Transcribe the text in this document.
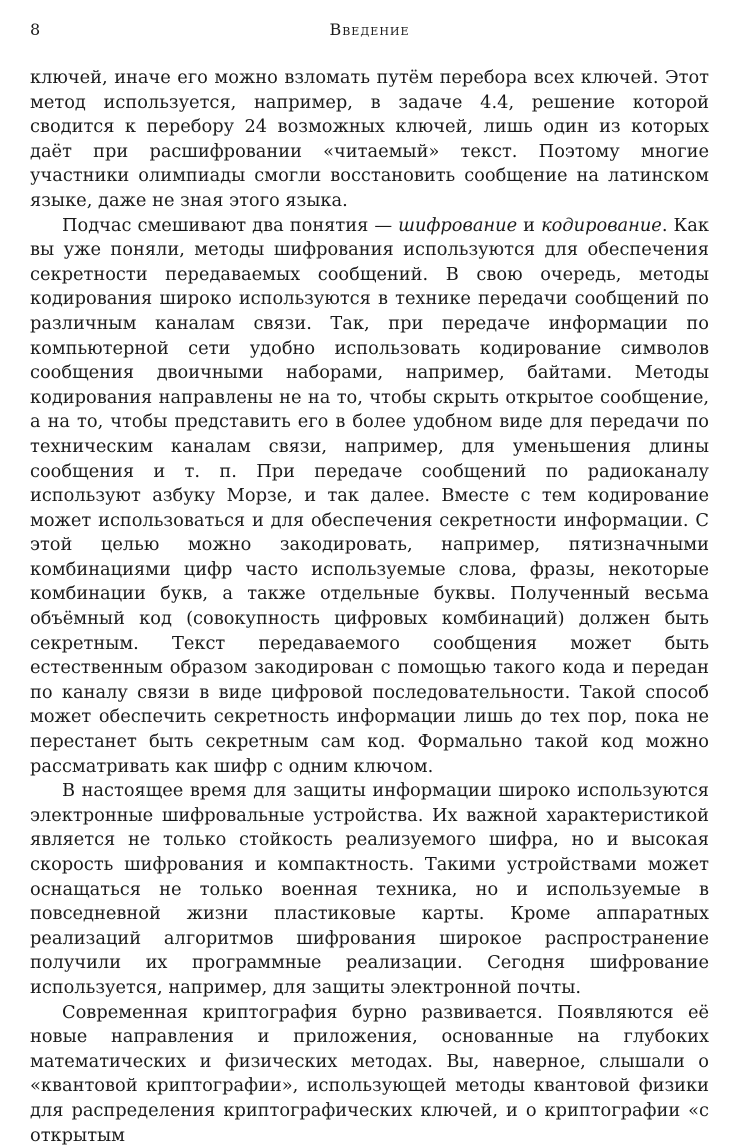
8	Введение

ключей, иначе его можно взломать путём перебора всех ключей. Этот метод используется, например, в задаче 4.4, решение которой сводится к перебору 24 возможных ключей, лишь один из которых даёт при расшифровании «читаемый» текст. Поэтому многие участники олимпиады смогли восстановить сообщение на латинском языке, даже не зная этого языка.

Подчас смешивают два понятия — шифрование и кодирование. Как вы уже поняли, методы шифрования используются для обеспечения секретности передаваемых сообщений. В свою очередь, методы кодирования широко используются в технике передачи сообщений по различным каналам связи. Так, при передаче информации по компьютерной сети удобно использовать кодирование символов сообщения двоичными наборами, например, байтами. Методы кодирования направлены не на то, чтобы скрыть открытое сообщение, а на то, чтобы представить его в более удобном виде для передачи по техническим каналам связи, например, для уменьшения длины сообщения и т. п. При передаче сообщений по радиоканалу используют азбуку Морзе, и так далее. Вместе с тем кодирование может использоваться и для обеспечения секретности информации. С этой целью можно закодировать, например, пятизначными комбинациями цифр часто используемые слова, фразы, некоторые комбинации букв, а также отдельные буквы. Полученный весьма объёмный код (совокупность цифровых комбинаций) должен быть секретным. Текст передаваемого сообщения может быть естественным образом закодирован с помощью такого кода и передан по каналу связи в виде цифровой последовательности. Такой способ может обеспечить секретность информации лишь до тех пор, пока не перестанет быть секретным сам код. Формально такой код можно рассматривать как шифр с одним ключом.

В настоящее время для защиты информации широко используются электронные шифровальные устройства. Их важной характеристикой является не только стойкость реализуемого шифра, но и высокая скорость шифрования и компактность. Такими устройствами может оснащаться не только военная техника, но и используемые в повседневной жизни пластиковые карты. Кроме аппаратных реализаций алгоритмов шифрования широкое распространение получили их программные реализации. Сегодня шифрование используется, например, для защиты электронной почты.

Современная криптография бурно развивается. Появляются её новые направления и приложения, основанные на глубоких математических и физических методах. Вы, наверное, слышали о «квантовой криптографии», использующей методы квантовой физики для распределения криптографических ключей, и о криптографии «с открытым
